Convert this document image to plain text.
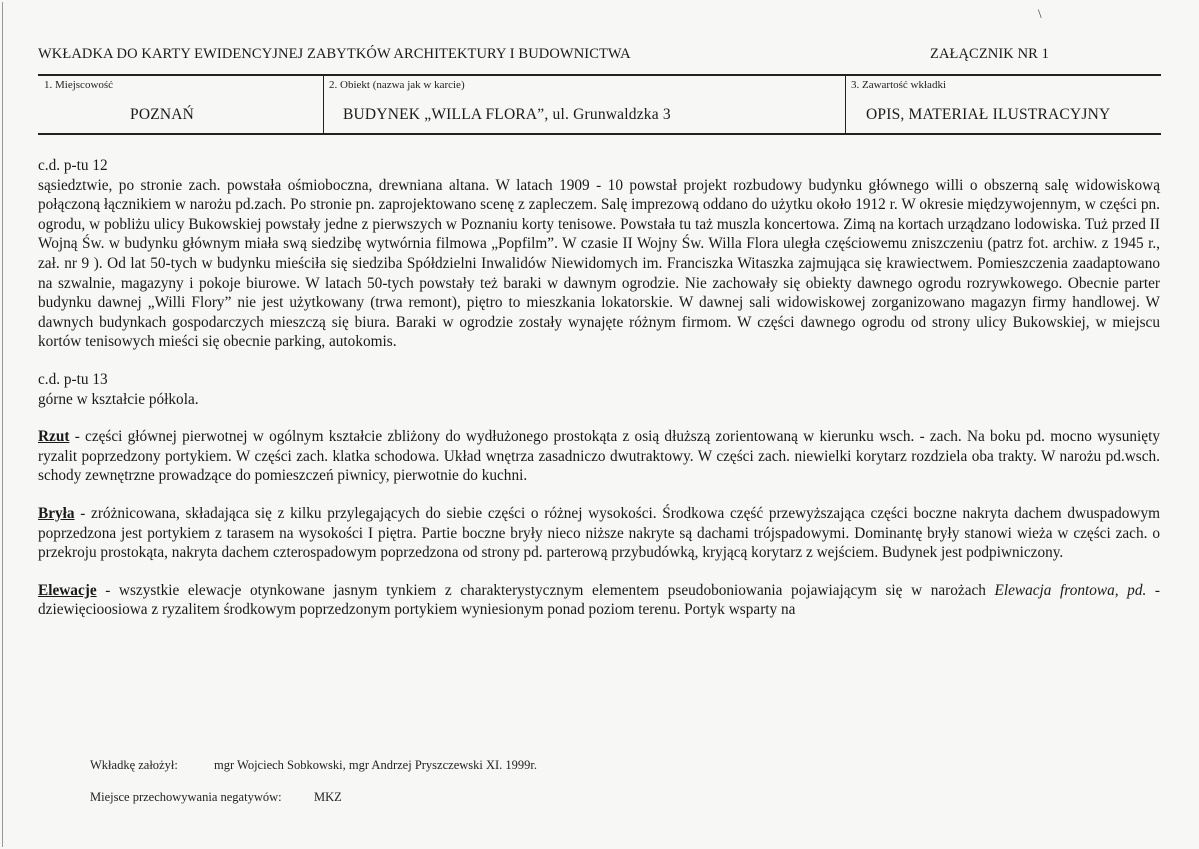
\
WKŁADKA DO KARTY EWIDENCYJNEJ ZABYTKÓW ARCHITEKTURY I BUDOWNICTWA	ZAŁĄCZNIK NR 1
1. Miejscowość
POZNAŃ
2. Obiekt (nazwa jak w karcie)
BUDYNEK „WILLA FLORA”, ul. Grunwaldzka 3
3. Zawartość wkładki
OPIS, MATERIAŁ ILUSTRACYJNY

c.d. p-tu 12

sąsiedztwie, po stronie zach. powstała ośmioboczna, drewniana altana. W latach 1909 - 10 powstał projekt rozbudowy budynku głównego willi o obszerną salę widowiskową połączoną łącznikiem w narożu pd.zach. Po stronie pn. zaprojektowano scenę z zapleczem. Salę imprezową oddano do użytku około 1912 r. W okresie międzywojennym, w części pn. ogrodu, w pobliżu ulicy Bukowskiej powstały jedne z pierwszych w Poznaniu korty tenisowe. Powstała tu taż muszla koncertowa. Zimą na kortach urządzano lodowiska. Tuż przed II Wojną Św. w budynku głównym miała swą siedzibę wytwórnia filmowa „Popfilm”. W czasie II Wojny Św. Willa Flora uległa częściowemu zniszczeniu (patrz fot. archiw. z 1945 r., zał. nr 9 ). Od lat 50-tych w budynku mieściła się siedziba Spółdzielni Inwalidów Niewidomych im. Franciszka Witaszka zajmująca się krawiectwem. Pomieszczenia zaadaptowano na szwalnie, magazyny i pokoje biurowe. W latach 50-tych powstały też baraki w dawnym ogrodzie. Nie zachowały się obiekty dawnego ogrodu rozrywkowego. Obecnie parter budynku dawnej „Willi Flory” nie jest użytkowany (trwa remont), piętro to mieszkania lokatorskie. W dawnej sali widowiskowej zorganizowano magazyn firmy handlowej. W dawnych budynkach gospodarczych mieszczą się biura. Baraki w ogrodzie zostały wynajęte różnym firmom. W części dawnego ogrodu od strony ulicy Bukowskiej, w miejscu kortów tenisowych mieści się obecnie parking, autokomis.

c.d. p-tu 13

górne w kształcie półkola.

Rzut - części głównej pierwotnej w ogólnym kształcie zbliżony do wydłużonego prostokąta z osią dłuższą zorientowaną w kierunku wsch. - zach. Na boku pd. mocno wysunięty ryzalit poprzedzony portykiem. W części zach. klatka schodowa. Układ wnętrza zasadniczo dwutraktowy. W części zach. niewielki korytarz rozdziela oba trakty. W narożu pd.wsch. schody zewnętrzne prowadzące do pomieszczeń piwnicy, pierwotnie do kuchni.

Bryła - zróżnicowana, składająca się z kilku przylegających do siebie części o różnej wysokości. Środkowa część przewyższająca części boczne nakryta dachem dwuspadowym poprzedzona jest portykiem z tarasem na wysokości I piętra. Partie boczne bryły nieco niższe nakryte są dachami trójspadowymi. Dominantę bryły stanowi wieża w części zach. o przekroju prostokąta, nakryta dachem czterospadowym poprzedzona od strony pd. parterową przybudówką, kryjącą korytarz z wejściem. Budynek jest podpiwniczony.

Elewacje - wszystkie elewacje otynkowane jasnym tynkiem z charakterystycznym elementem pseudoboniowania pojawiającym się w narożach Elewacja frontowa, pd. - dziewięcioosiowa z ryzalitem środkowym poprzedzonym portykiem wyniesionym ponad poziom terenu. Portyk wsparty na

Wkładkę założył:	mgr Wojciech Sobkowski, mgr Andrzej Pryszczewski XI. 1999r.
Miejsce przechowywania negatywów:	MKZ
